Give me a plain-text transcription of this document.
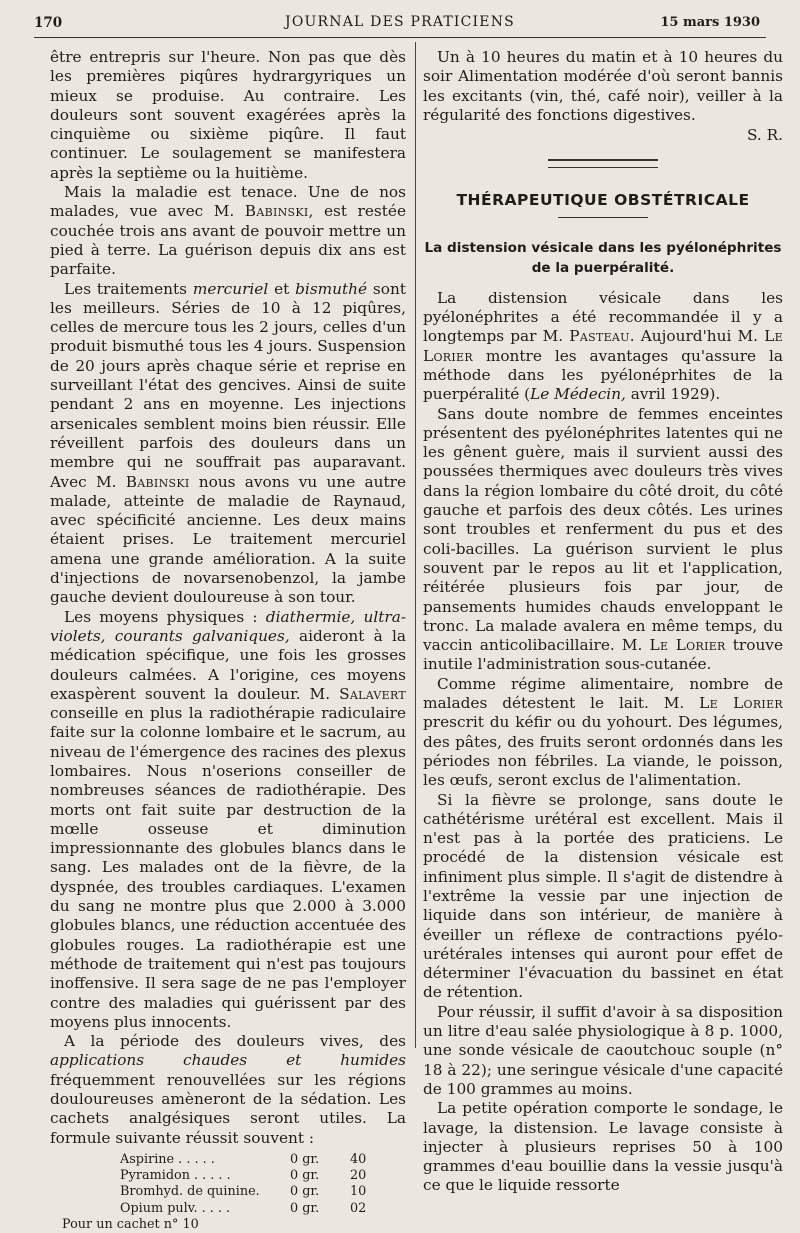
170	JOURNAL DES PRATICIENS	15 mars 1930

être entrepris sur l'heure. Non pas que dès les premières piqûres hydrargyriques un mieux se produise. Au contraire. Les douleurs sont souvent exagérées après la cinquième ou sixième piqûre. Il faut continuer. Le soulagement se manifestera après la septième ou la huitième.

Mais la maladie est tenace. Une de nos malades, vue avec M. Babinski, est restée couchée trois ans avant de pouvoir mettre un pied à terre. La guérison depuis dix ans est parfaite.

Les traitements mercuriel et bismuthé sont les meilleurs. Séries de 10 à 12 piqûres, celles de mercure tous les 2 jours, celles d'un produit bismuthé tous les 4 jours. Suspension de 20 jours après chaque série et reprise en surveillant l'état des gencives. Ainsi de suite pendant 2 ans en moyenne. Les injections arsenicales semblent moins bien réussir. Elle réveillent parfois des douleurs dans un membre qui ne souffrait pas auparavant. Avec M. Babinski nous avons vu une autre malade, atteinte de maladie de Raynaud, avec spécificité ancienne. Les deux mains étaient prises. Le traitement mercuriel amena une grande amélioration. A la suite d'injections de novarsenobenzol, la jambe gauche devient douloureuse à son tour.

Les moyens physiques : diathermie, ultra-violets, courants galvaniques, aideront à la médication spécifique, une fois les grosses douleurs calmées. A l'origine, ces moyens exaspèrent souvent la douleur. M. Salavert conseille en plus la radiothérapie radiculaire faite sur la colonne lombaire et le sacrum, au niveau de l'émergence des racines des plexus lombaires. Nous n'oserions conseiller de nombreuses séances de radiothérapie. Des morts ont fait suite par destruction de la mœlle osseuse et diminution impressionnante des globules blancs dans le sang. Les malades ont de la fièvre, de la dyspnée, des troubles cardiaques. L'examen du sang ne montre plus que 2.000 à 3.000 globules blancs, une réduction accentuée des globules rouges. La radiothérapie est une méthode de traitement qui n'est pas toujours inoffensive. Il sera sage de ne pas l'employer contre des maladies qui guérissent par des moyens plus innocents.

A la période des douleurs vives, des applications chaudes et humides fréquemment renouvellées sur les régions douloureuses amèneront de la sédation. Les cachets analgésiques seront utiles. La formule suivante réussit souvent :

Aspirine . . . . .	0 gr.	40
Pyramidon . . . . .	0 gr.	20
Bromhyd. de quinine.	0 gr.	10
Opium pulv. . . . .	0 gr.	02
Pour un cachet n° 10

Un à 10 heures du matin et à 10 heures du soir Alimentation modérée d'où seront bannis les excitants (vin, thé, café noir), veiller à la régularité des fonctions digestives.

S. R.
THÉRAPEUTIQUE OBSTÉTRICALE
La distension vésicale dans les pyélonéphrites de la puerpéralité.

La distension vésicale dans les pyélonéphrites a été recommandée il y a longtemps par M. Pasteau. Aujourd'hui M. Le Lorier montre les avantages qu'assure la méthode dans les pyélonéprhites de la puerpéralité (Le Médecin, avril 1929).

Sans doute nombre de femmes enceintes présentent des pyélonéphrites latentes qui ne les gênent guère, mais il survient aussi des poussées thermiques avec douleurs très vives dans la région lombaire du côté droit, du côté gauche et parfois des deux côtés. Les urines sont troubles et renferment du pus et des coli-bacilles. La guérison survient le plus souvent par le repos au lit et l'application, réitérée plusieurs fois par jour, de pansements humides chauds enveloppant le tronc. La malade avalera en même temps, du vaccin anticolibacillaire. M. Le Lorier trouve inutile l'administration sous-cutanée.

Comme régime alimentaire, nombre de malades détestent le lait. M. Le Lorier prescrit du kéfir ou du yohourt. Des légumes, des pâtes, des fruits seront ordonnés dans les périodes non fébriles. La viande, le poisson, les œufs, seront exclus de l'alimentation.

Si la fièvre se prolonge, sans doute le cathétérisme urétéral est excellent. Mais il n'est pas à la portée des praticiens. Le procédé de la distension vésicale est infiniment plus simple. Il s'agit de distendre à l'extrême la vessie par une injection de liquide dans son intérieur, de manière à éveiller un réflexe de contractions pyélo-urétérales intenses qui auront pour effet de déterminer l'évacuation du bassinet en état de rétention.

Pour réussir, il suffit d'avoir à sa disposition un litre d'eau salée physiologique à 8 p. 1000, une sonde vésicale de caoutchouc souple (n° 18 à 22); une seringue vésicale d'une capacité de 100 grammes au moins.

La petite opération comporte le sondage, le lavage, la distension. Le lavage consiste à injecter à plusieurs reprises 50 à 100 grammes d'eau bouillie dans la vessie jusqu'à ce que le liquide ressorte
